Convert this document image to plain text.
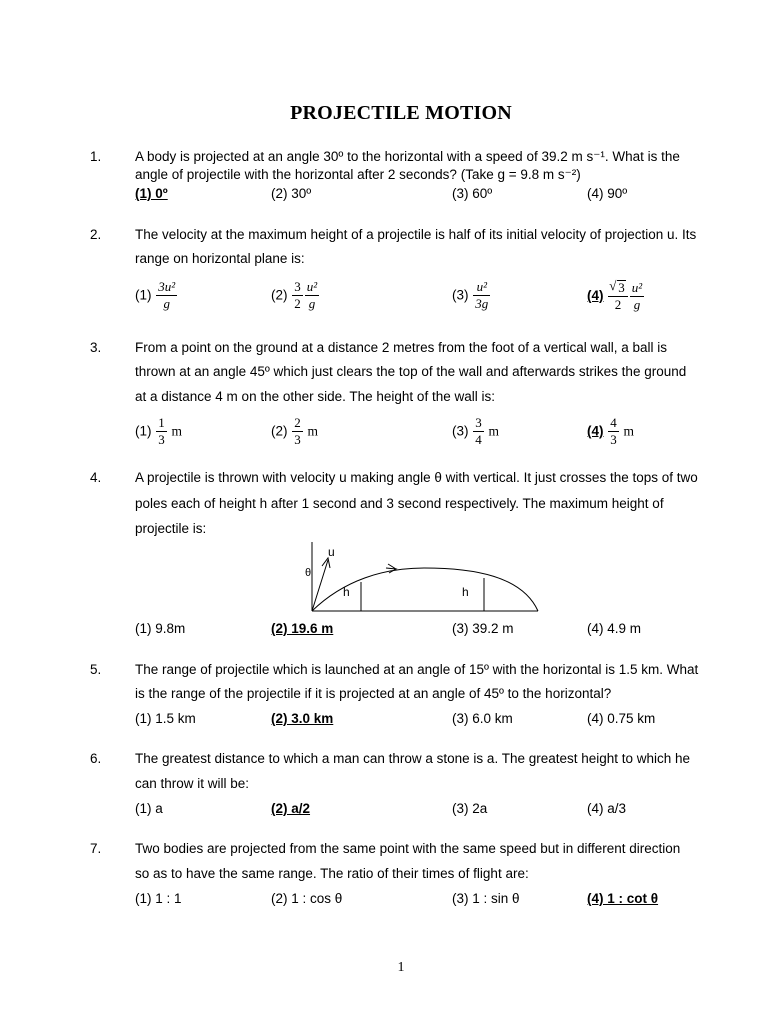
PROJECTILE MOTION
1. A body is projected at an angle 30º to the horizontal with a speed of 39.2 m s⁻¹. What is the
angle of projectile with the horizontal after 2 seconds? (Take g = 9.8 m s⁻²)
(1) 0º	(2) 30º	(3) 60º	(4) 90º
2. The velocity at the maximum height of a projectile is half of its initial velocity of projection u. Its
range on horizontal plane is:
$(1) \frac{\text{3u²}}{g}$	$(2) \frac{3}{2} \frac{\text{u²}}{g}$	$(3) \frac{\text{u²}}{3g}$	(4)
√ $\frac{3}{2} \frac{\text{u²}}{g}$
3. From a point on the ground at a distance 2 metres from the foot of a vertical wall, a ball is
thrown at an angle 45º which just clears the top of the wall and afterwards strikes the ground
at a distance 4 m on the other side. The height of the wall is:
$(1) \frac{1}{3}$ m	$(2) \frac{2}{3}$ m	$(3) \frac{3}{4}$ m	$(4) \frac{4}{3}$ m
4. A projectile is thrown with velocity u making angle θ with vertical. It just crosses the tops of two
poles each of height h after 1 second and 3 second respectively. The maximum height of
projectile is:
u
θ
h	h
(1) 9.8m	(2) 19.6 m	(3) 39.2 m	(4) 4.9 m
5. The range of projectile which is launched at an angle of 15º with the horizontal is 1.5 km. What
is the range of the projectile if it is projected at an angle of 45º to the horizontal?
(1) 1.5 km	(2) 3.0 km	(3) 6.0 km	(4) 0.75 km
6. The greatest distance to which a man can throw a stone is a. The greatest height to which he
can throw it will be:
(1) a	(2) a/2	(3) 2a	(4) a/3
7. Two bodies are projected from the same point with the same speed but in different direction
so as to have the same range. The ratio of their times of flight are:
(1) 1 : 1	(2) 1 : cos θ	(3) 1 : sin θ	(4) 1 : cot θ
1
